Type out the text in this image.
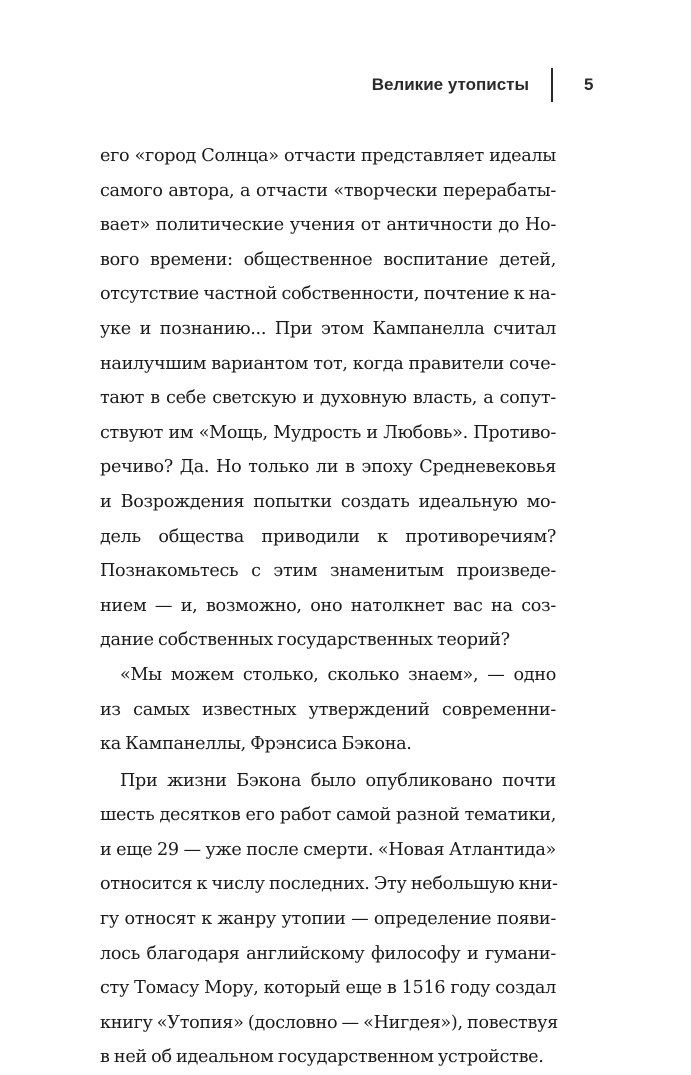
Великие утописты	5
его «город Солнца» отчасти представляет идеалы
самого автора, а отчасти «творчески перерабаты-
вает» политические учения от античности до Но-
вого времени: общественное воспитание детей,
отсутствие частной собственности, почтение к на-
уке и познанию... При этом Кампанелла считал
наилучшим вариантом тот, когда правители соче-
тают в себе светскую и духовную власть, а сопут-
ствуют им «Мощь, Мудрость и Любовь». Противо-
речиво? Да. Но только ли в эпоху Средневековья
и Возрождения попытки создать идеальную мо-
дель общества приводили к противоречиям?
Познакомьтесь с этим знаменитым произведе-
нием — и, возможно, оно натолкнет вас на соз-
дание собственных государственных теорий?
«Мы можем столько, сколько знаем», — одно
из самых известных утверждений современни-
ка Кампанеллы, Фрэнсиса Бэкона.
При жизни Бэкона было опубликовано почти
шесть десятков его работ самой разной тематики,
и еще 29 — уже после смерти. «Новая Атлантида»
относится к числу последних. Эту небольшую кни-
гу относят к жанру утопии — определение появи-
лось благодаря английскому философу и гумани-
сту Томасу Мору, который еще в 1516 году создал
книгу «Утопия» (дословно — «Нигдея»), повествуя
в ней об идеальном государственном устройстве.
